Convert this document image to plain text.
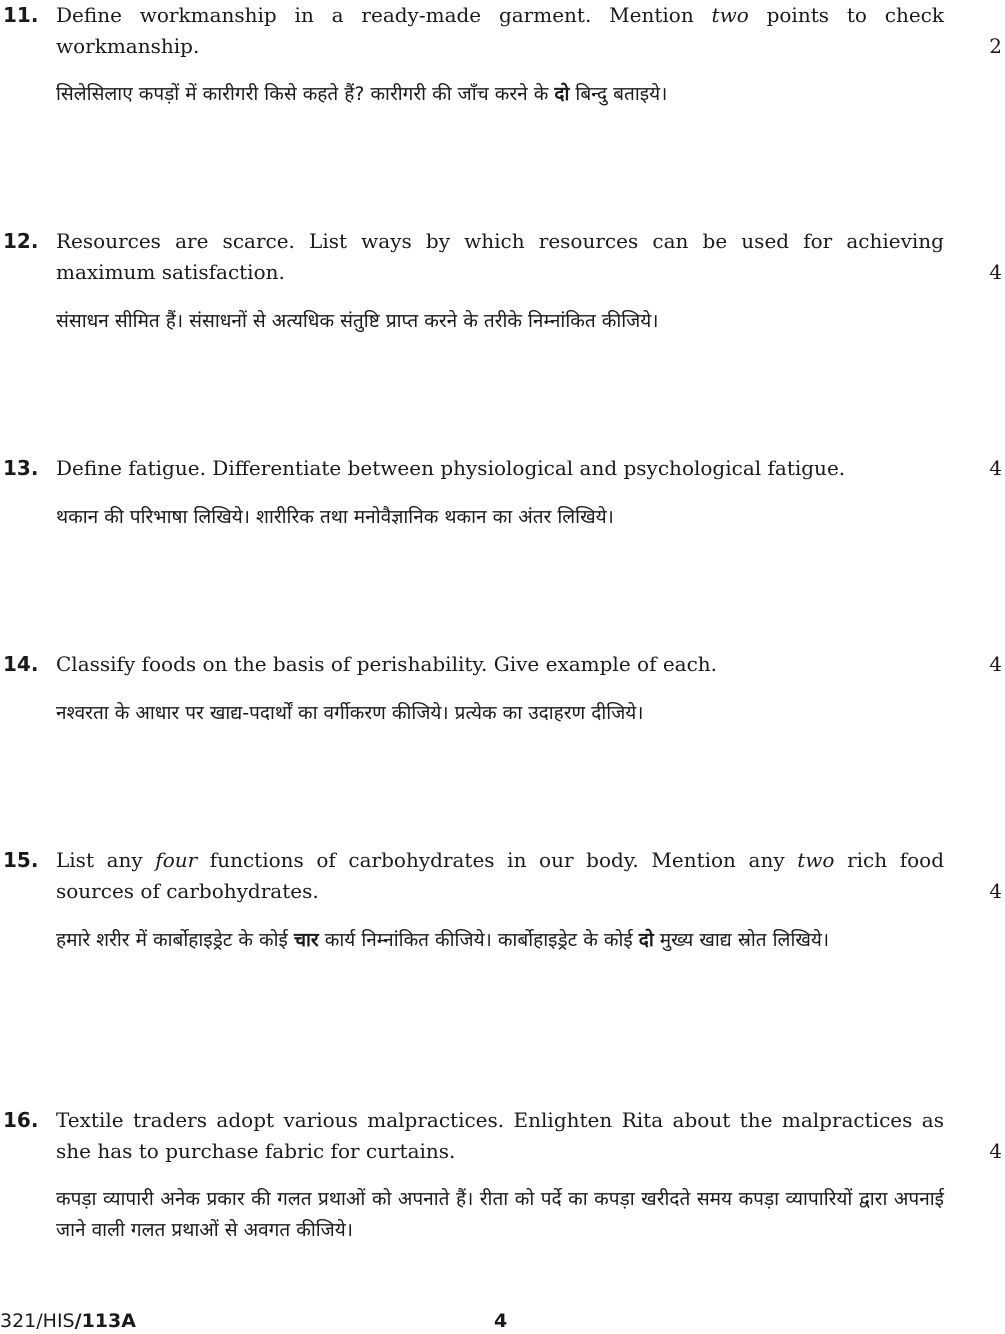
11. Define workmanship in a ready-made garment. Mention two points to check workmanship.	2
सिलेसिलाए कपड़ों में कारीगरी किसे कहते हैं? कारीगरी की जाँच करने के दो बिन्दु बताइये।
12. Resources are scarce. List ways by which resources can be used for achieving maximum satisfaction.	4
संसाधन सीमित हैं। संसाधनों से अत्यधिक संतुष्टि प्राप्त करने के तरीके निम्नांकित कीजिये।
13. Define fatigue. Differentiate between physiological and psychological fatigue.	4
थकान की परिभाषा लिखिये। शारीरिक तथा मनोवैज्ञानिक थकान का अंतर लिखिये।
14. Classify foods on the basis of perishability. Give example of each.	4
नश्वरता के आधार पर खाद्य-पदार्थों का वर्गीकरण कीजिये। प्रत्येक का उदाहरण दीजिये।
15. List any four functions of carbohydrates in our body. Mention any two rich food sources of carbohydrates.	4
हमारे शरीर में कार्बोहाइड्रेट के कोई चार कार्य निम्नांकित कीजिये। कार्बोहाइड्रेट के कोई दो मुख्य खाद्य स्रोत लिखिये।
16. Textile traders adopt various malpractices. Enlighten Rita about the malpractices as she has to purchase fabric for curtains.	4
कपड़ा व्यापारी अनेक प्रकार की गलत प्रथाओं को अपनाते हैं। रीता को पर्दे का कपड़ा खरीदते समय कपड़ा व्यापारियों द्वारा अपनाई जाने वाली गलत प्रथाओं से अवगत कीजिये।
321/HIS/113A	4
